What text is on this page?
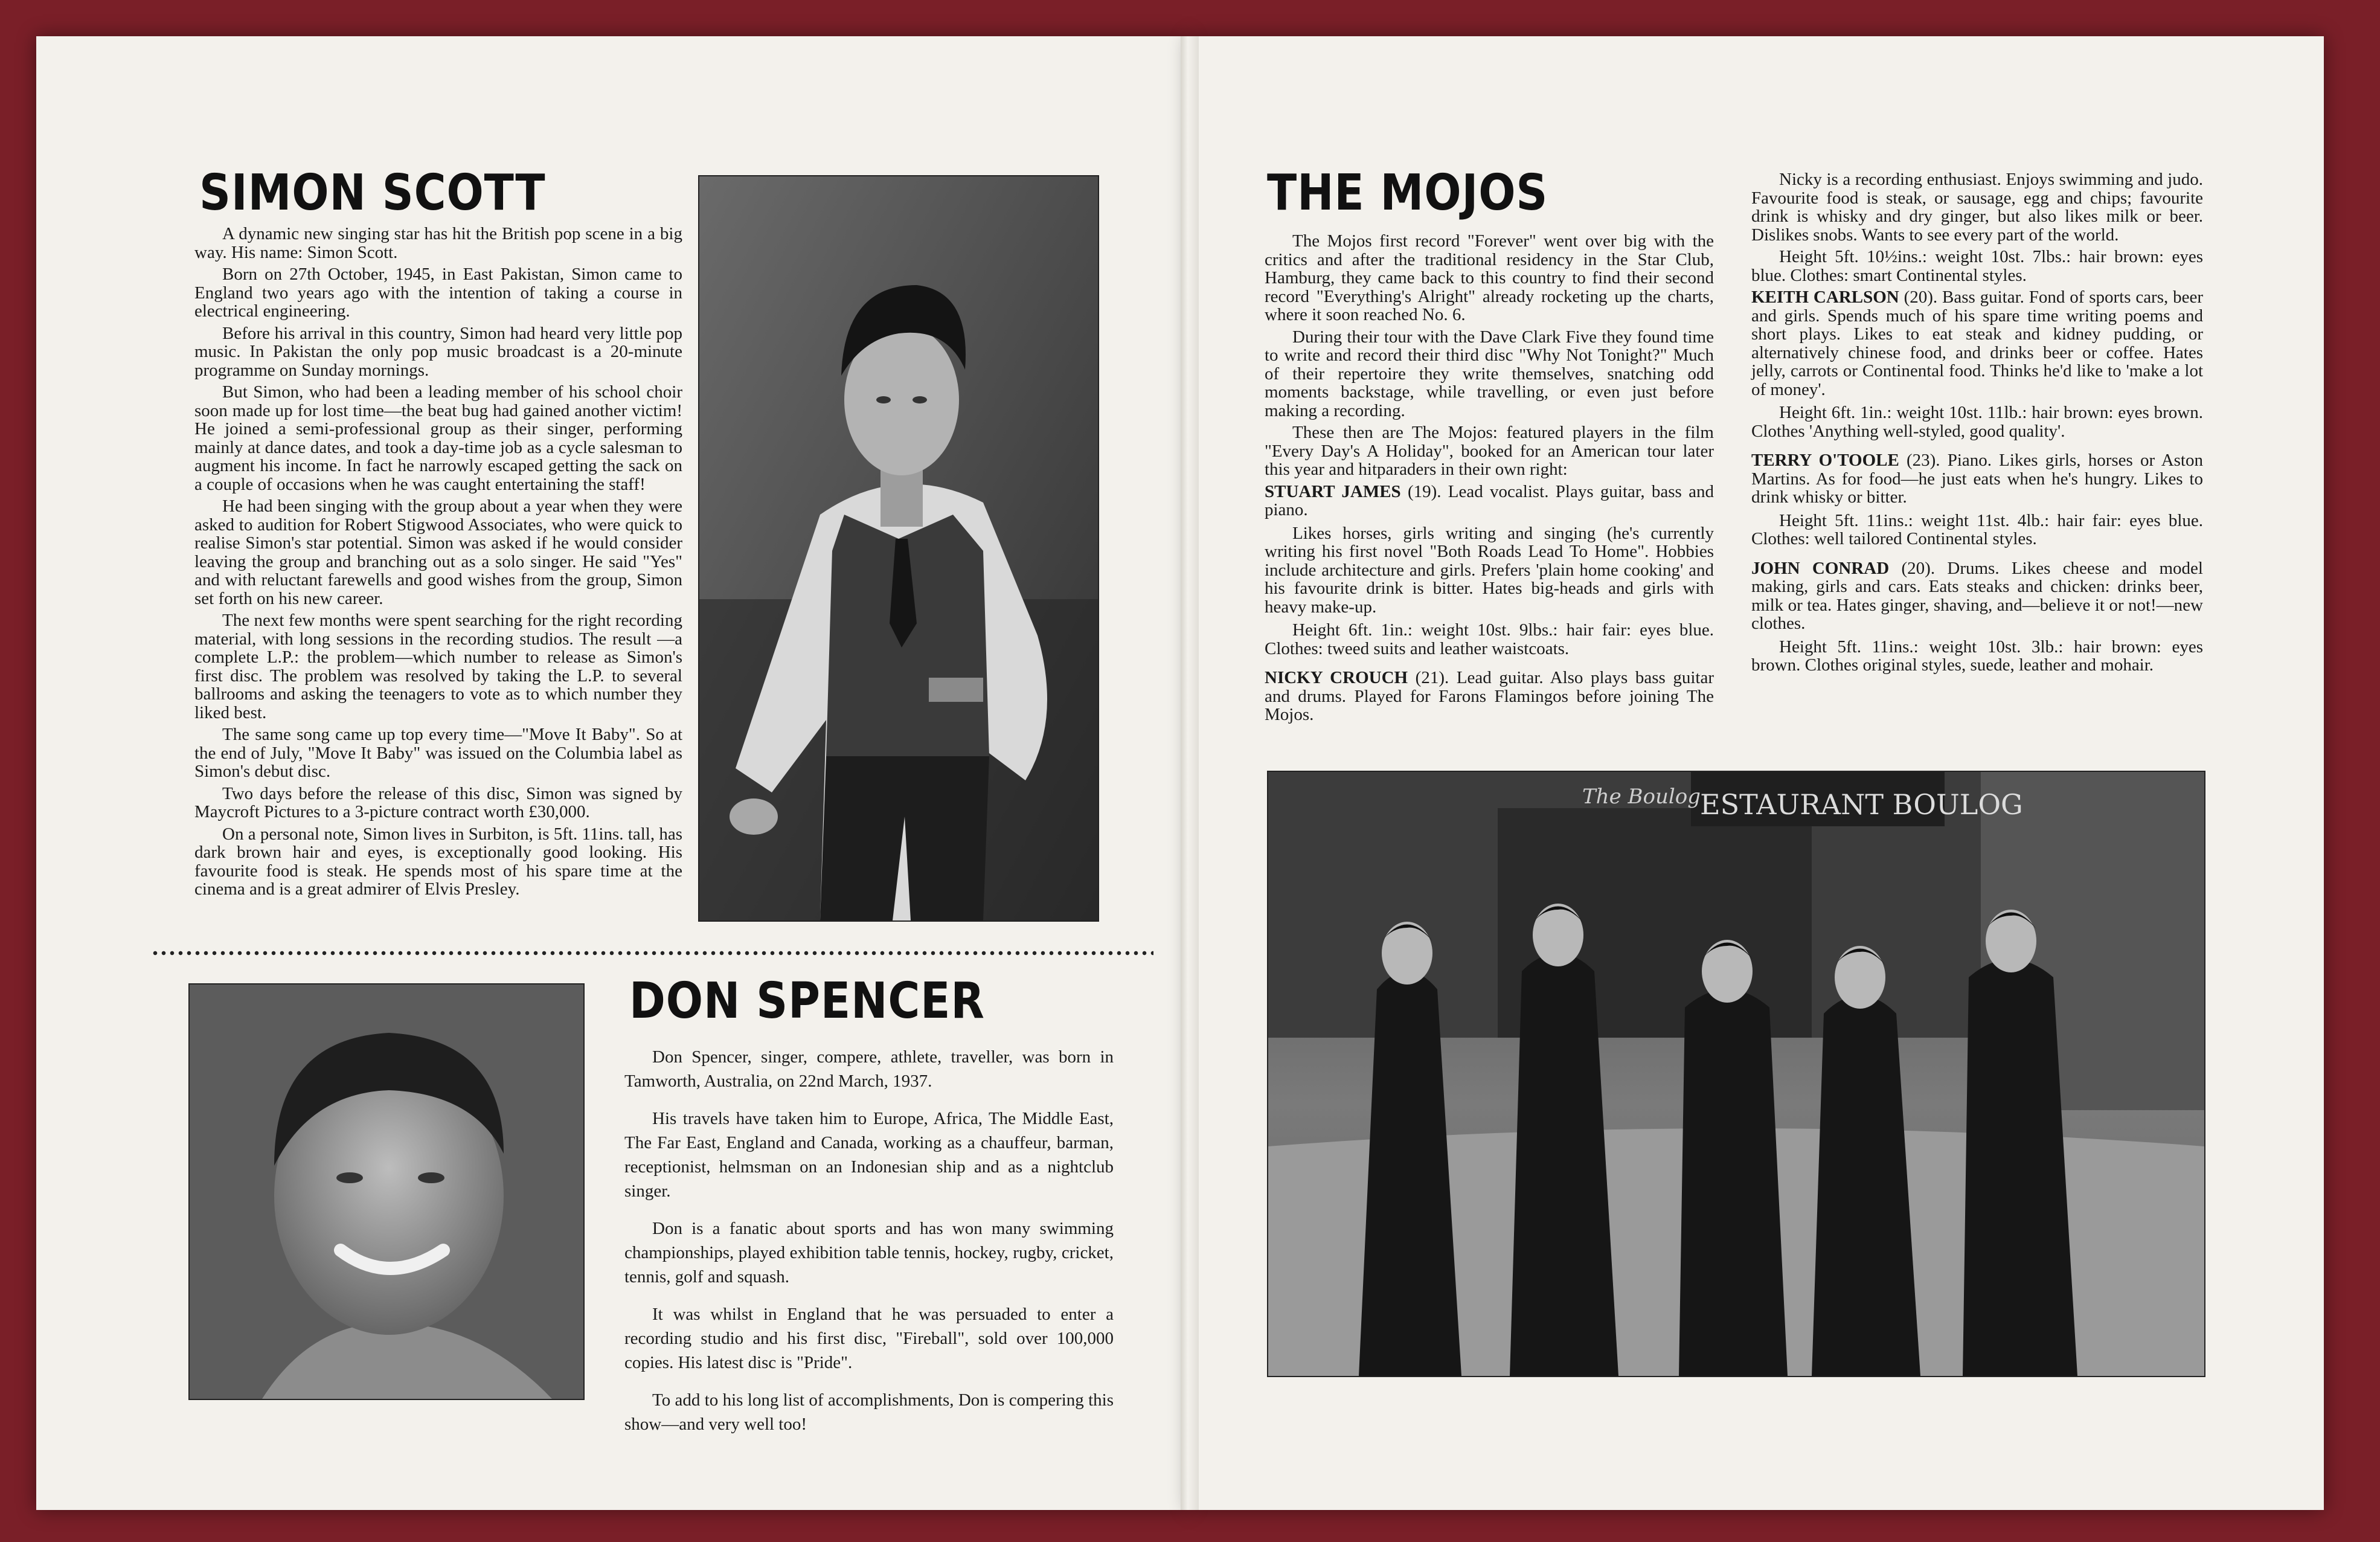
SIMON SCOTT

A dynamic new singing star has hit the British pop scene in a big way. His name: Simon Scott.

Born on 27th October, 1945, in East Pakistan, Simon came to England two years ago with the intention of taking a course in electrical engineering.

Before his arrival in this country, Simon had heard very little pop music. In Pakistan the only pop music broadcast is a 20-minute programme on Sunday mornings.

But Simon, who had been a leading member of his school choir soon made up for lost time—the beat bug had gained another victim! He joined a semi-professional group as their singer, performing mainly at dance dates, and took a day-time job as a cycle salesman to augment his income. In fact he narrowly escaped getting the sack on a couple of occasions when he was caught entertaining the staff!

He had been singing with the group about a year when they were asked to audition for Robert Stigwood Associates, who were quick to realise Simon's star potential. Simon was asked if he would consider leaving the group and branching out as a solo singer. He said "Yes" and with reluctant farewells and good wishes from the group, Simon set forth on his new career.

The next few months were spent searching for the right recording material, with long sessions in the recording studios. The result —a complete L.P.: the problem—which number to release as Simon's first disc. The problem was resolved by taking the L.P. to several ballrooms and asking the teenagers to vote as to which number they liked best.

The same song came up top every time—"Move It Baby". So at the end of July, "Move It Baby" was issued on the Columbia label as Simon's debut disc.

Two days before the release of this disc, Simon was signed by Maycroft Pictures to a 3-picture contract worth £30,000.

On a personal note, Simon lives in Surbiton, is 5ft. 11ins. tall, has dark brown hair and eyes, is exceptionally good looking. His favourite food is steak. He spends most of his spare time at the cinema and is a great admirer of Elvis Presley.

DON SPENCER

Don Spencer, singer, compere, athlete, traveller, was born in Tamworth, Australia, on 22nd March, 1937.

His travels have taken him to Europe, Africa, The Middle East, The Far East, England and Canada, working as a chauffeur, barman, receptionist, helmsman on an Indonesian ship and as a nightclub singer.

Don is a fanatic about sports and has won many swimming championships, played exhibition table tennis, hockey, rugby, cricket, tennis, golf and squash.

It was whilst in England that he was persuaded to enter a recording studio and his first disc, "Fireball", sold over 100,000 copies. His latest disc is "Pride".

To add to his long list of accomplishments, Don is compering this show—and very well too!

THE MOJOS

The Mojos first record "Forever" went over big with the critics and after the traditional residency in the Star Club, Hamburg, they came back to this country to find their second record "Everything's Alright" already rocketing up the charts, where it soon reached No. 6.

During their tour with the Dave Clark Five they found time to write and record their third disc "Why Not Tonight?" Much of their repertoire they write themselves, snatching odd moments backstage, while travelling, or even just before making a recording.

These then are The Mojos: featured players in the film "Every Day's A Holiday", booked for an American tour later this year and hitparaders in their own right:

STUART JAMES (19). Lead vocalist. Plays guitar, bass and piano.

Likes horses, girls writing and singing (he's currently writing his first novel "Both Roads Lead To Home". Hobbies include architecture and girls. Prefers 'plain home cooking' and his favourite drink is bitter. Hates big-heads and girls with heavy make-up.

Height 6ft. 1in.: weight 10st. 9lbs.: hair fair: eyes blue. Clothes: tweed suits and leather waistcoats.

NICKY CROUCH (21). Lead guitar. Also plays bass guitar and drums. Played for Farons Flamingos before joining The Mojos.

Nicky is a recording enthusiast. Enjoys swimming and judo. Favourite food is steak, or sausage, egg and chips; favourite drink is whisky and dry ginger, but also likes milk or beer. Dislikes snobs. Wants to see every part of the world.

Height 5ft. 10½ins.: weight 10st. 7lbs.: hair brown: eyes blue. Clothes: smart Continental styles.

KEITH CARLSON (20). Bass guitar. Fond of sports cars, beer and girls. Spends much of his spare time writing poems and short plays. Likes to eat steak and kidney pudding, or alternatively chinese food, and drinks beer or coffee. Hates jelly, carrots or Continental food. Thinks he'd like to 'make a lot of money'.

Height 6ft. 1in.: weight 10st. 11lb.: hair brown: eyes brown. Clothes 'Anything well-styled, good quality'.

TERRY O'TOOLE (23). Piano. Likes girls, horses or Aston Martins. As for food—he just eats when he's hungry. Likes to drink whisky or bitter.

Height 5ft. 11ins.: weight 11st. 4lb.: hair fair: eyes blue. Clothes: well tailored Continental styles.

JOHN CONRAD (20). Drums. Likes cheese and model making, girls and cars. Eats steaks and chicken: drinks beer, milk or tea. Hates ginger, shaving, and—believe it or not!—new clothes.

Height 5ft. 11ins.: weight 10st. 3lb.: hair brown: eyes brown. Clothes original styles, suede, leather and mohair.

ESTAURANT BOULOG
The Boulog
